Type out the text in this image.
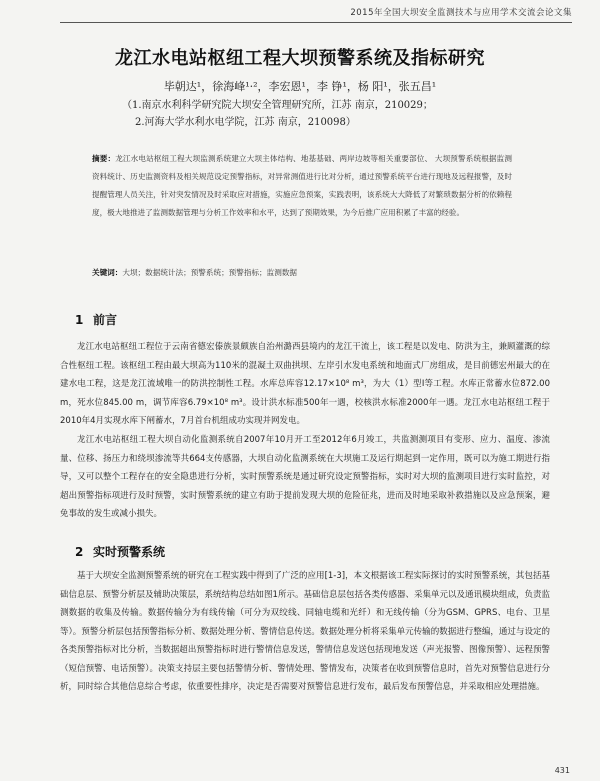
2015年全国大坝安全监测技术与应用学术交流会论文集
龙江水电站枢纽工程大坝预警系统及指标研究
毕朝达¹，徐海峰¹·²，李宏恩¹，李 铮¹，杨 阳¹，张五昌¹
（1.南京水利科学研究院大坝安全管理研究所，江苏 南京，210029；
2.河海大学水利水电学院，江苏 南京，210098）
摘要：龙江水电站枢纽工程大坝监测系统建立大坝主体结构、地基基础、两岸边坡等相关重要部位、 大坝预警系统根据监测资料统计、历史监测资料及相关规范设定预警指标，对异常测值进行比对分析，通过预警系统平台进行现地及远程报警，及时提醒管理人员关注，针对突发情况及时采取应对措施，实施应急预案，实践表明，该系统大大降低了对繁琐数据分析的依赖程度，极大地推进了监测数据管理与分析工作效率和水平，达到了预期效果，为今后推广应用积累了丰富的经验。
关键词：大坝；数据统计法；预警系统；预警指标；监测数据
1 前言
龙江水电站枢纽工程位于云南省德宏傣族景颇族自治州潞西县境内的龙江干流上，该工程是以发电、防洪为主，兼顾灌溉的综合性枢纽工程。该枢纽工程由最大坝高为110米的混凝土双曲拱坝、左岸引水发电系统和地面式厂房组成，是目前德宏州最大的在建水电工程，这是龙江流域唯一的防洪控制性工程。水库总库容12.17×10⁸ m³，为大（1）型Ⅰ等工程。水库正常蓄水位872.00 m，死水位845.00 m，调节库容6.79×10⁸ m³。设计洪水标准500年一遇，校核洪水标准2000年一遇。龙江水电站枢纽工程于2010年4月实现水库下闸蓄水，7月首台机组成功实现并网发电。
龙江水电站枢纽工程大坝自动化监测系统自2007年10月开工至2012年6月竣工，共监测测项目有变形、应力、温度、渗流量、位移、扬压力和绕坝渗流等共664支传感器，大坝自动化监测系统在大坝施工及运行期起到一定作用，既可以为施工期进行指导，又可以整个工程存在的安全隐患进行分析，实时预警系统是通过研究设定预警指标，实时对大坝的监测项目进行实时监控，对超出预警指标项进行及时预警，实时预警系统的建立有助于提前发现大坝的危险征兆，进而及时地采取补救措施以及应急预案，避免事故的发生或减小损失。
2 实时预警系统
基于大坝安全监测预警系统的研究在工程实践中得到了广泛的应用[1-3]，本文根据该工程实际探讨的实时预警系统，其包括基础信息层、预警分析层及辅助决策层，系统结构总结如图1所示。基础信息层包括各类传感器、采集单元以及通讯模块组成，负责监测数据的收集及传输。数据传输分为有线传输（可分为双绞线、同轴电缆和光纤）和无线传输（分为GSM、GPRS、电台、卫星等）。预警分析层包括预警指标分析、数据处理分析、警情信息传送。数据处理分析将采集单元传输的数据进行整编，通过与设定的各类预警指标对比分析，当数据超出预警指标时进行警情信息发送，警情信息发送包括现地发送（声光报警、图像预警）、远程预警（短信预警、电话预警）。决策支持层主要包括警情分析、警情处理、警情发布，决策者在收到预警信息时，首先对预警信息进行分析，同时综合其他信息综合考虑，依重要性排序，决定是否需要对预警信息进行发布，最后发布预警信息，并采取相应处理措施。
431
